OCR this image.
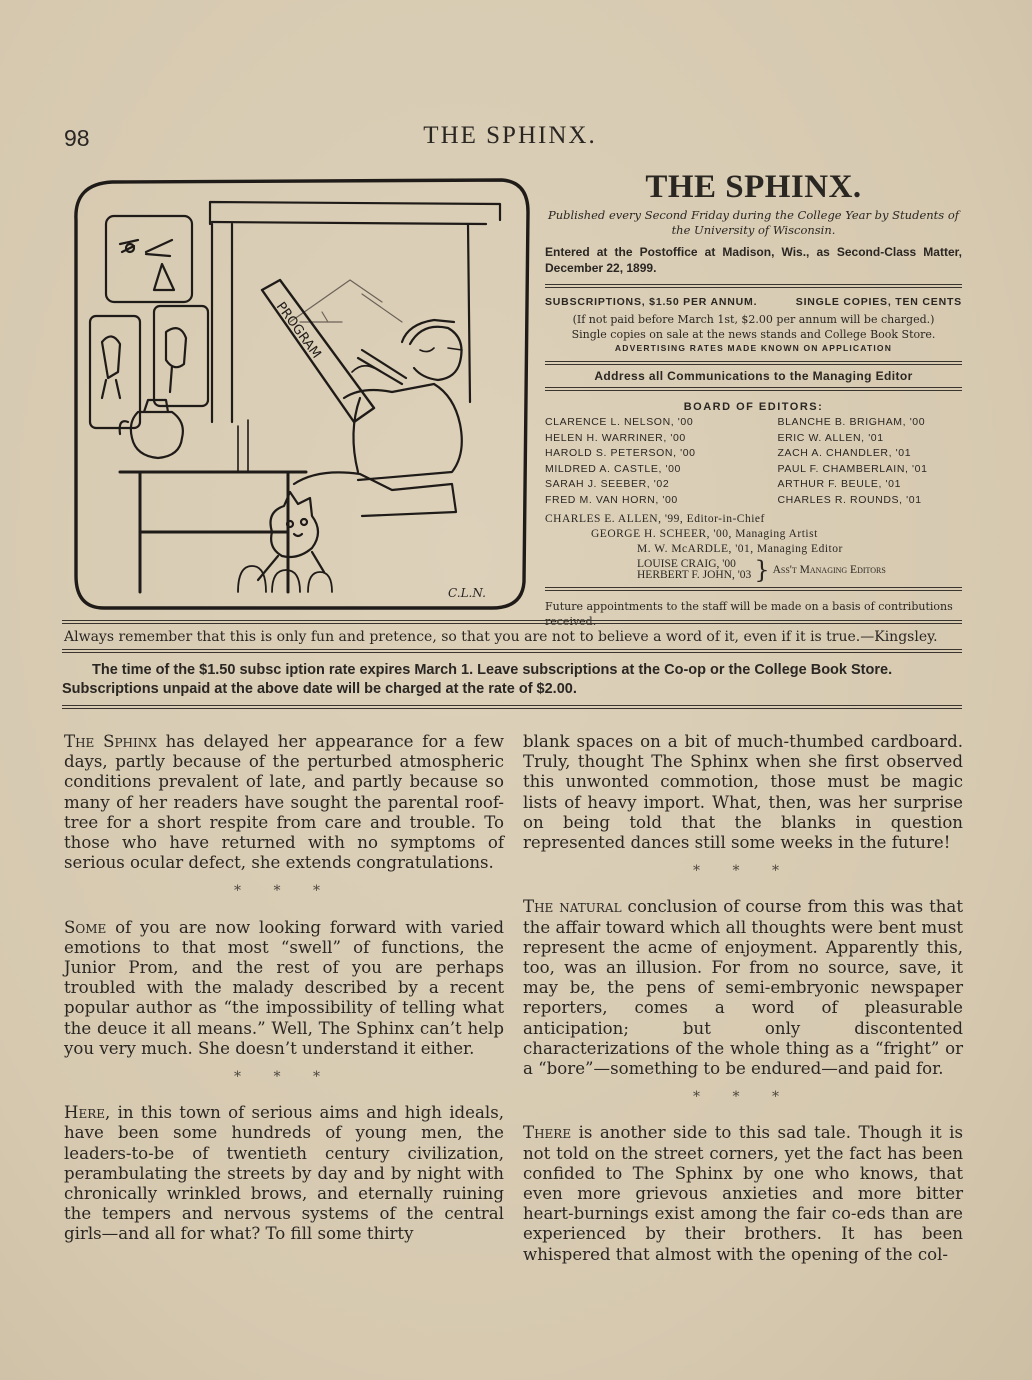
98	THE SPHINX.
PROGRAM
C.L.N.
THE SPHINX.
Published every Second Friday during the College Year by Students of the University of Wisconsin.
Entered at the Postoffice at Madison, Wis., as Second-Class Matter, December 22, 1899.
SUBSCRIPTIONS, $1.50 PER ANNUM.	SINGLE COPIES, TEN CENTS
(If not paid before March 1st, $2.00 per annum will be charged.)
Single copies on sale at the news stands and College Book Store.
ADVERTISING RATES MADE KNOWN ON APPLICATION
Address all Communications to the Managing Editor
BOARD OF EDITORS:
CLARENCE L. NELSON, '00	BLANCHE B. BRIGHAM, '00
HELEN H. WARRINER, '00	ERIC W. ALLEN, '01
HAROLD S. PETERSON, '00	ZACH A. CHANDLER, '01
MILDRED A. CASTLE, '00	PAUL F. CHAMBERLAIN, '01
SARAH J. SEEBER, '02	ARTHUR F. BEULE, '01
FRED M. VAN HORN, '00	CHARLES R. ROUNDS, '01
CHARLES E. ALLEN, '99, Editor-in-Chief
GEORGE H. SCHEER, '00, Managing Artist
M. W. McARDLE, '01, Managing Editor
LOUISE CRAIG, '00
HERBERT F. JOHN, '03 } Ass't Managing Editors
Future appointments to the staff will be made on a basis of contributions received.
Always remember that this is only fun and pretence, so that you are not to believe a word of it, even if it is true.—Kingsley.
The time of the $1.50 subsc iption rate expires March 1. Leave subscriptions at the Co-op or the College Book Store. Subscriptions unpaid at the above date will be charged at the rate of $2.00.

The Sphinx has delayed her appearance for a few days, partly because of the perturbed atmospheric conditions prevalent of late, and partly because so many of her readers have sought the parental roof-tree for a short respite from care and trouble. To those who have returned with no symptoms of serious ocular defect, she extends congratulations.

* * *

Some of you are now looking forward with varied emotions to that most “swell” of functions, the Junior Prom, and the rest of you are perhaps troubled with the malady described by a recent popular author as “the impossibility of telling what the deuce it all means.” Well, The Sphinx can’t help you very much. She doesn’t understand it either.

* * *

Here, in this town of serious aims and high ideals, have been some hundreds of young men, the leaders-to-be of twentieth century civilization, perambulating the streets by day and by night with chronically wrinkled brows, and eternally ruining the tempers and nervous systems of the central girls—and all for what? To fill some thirty

blank spaces on a bit of much-thumbed cardboard. Truly, thought The Sphinx when she first observed this unwonted commotion, those must be magic lists of heavy import. What, then, was her surprise on being told that the blanks in question represented dances still some weeks in the future!

* * *

The natural conclusion of course from this was that the affair toward which all thoughts were bent must represent the acme of enjoyment. Apparently this, too, was an illusion. For from no source, save, it may be, the pens of semi-embryonic newspaper reporters, comes a word of pleasurable anticipation; but only discontented characterizations of the whole thing as a “fright” or a “bore”—something to be endured—and paid for.

* * *

There is another side to this sad tale. Though it is not told on the street corners, yet the fact has been confided to The Sphinx by one who knows, that even more grievous anxieties and more bitter heart-burnings exist among the fair co-eds than are experienced by their brothers. It has been whispered that almost with the opening of the col-
